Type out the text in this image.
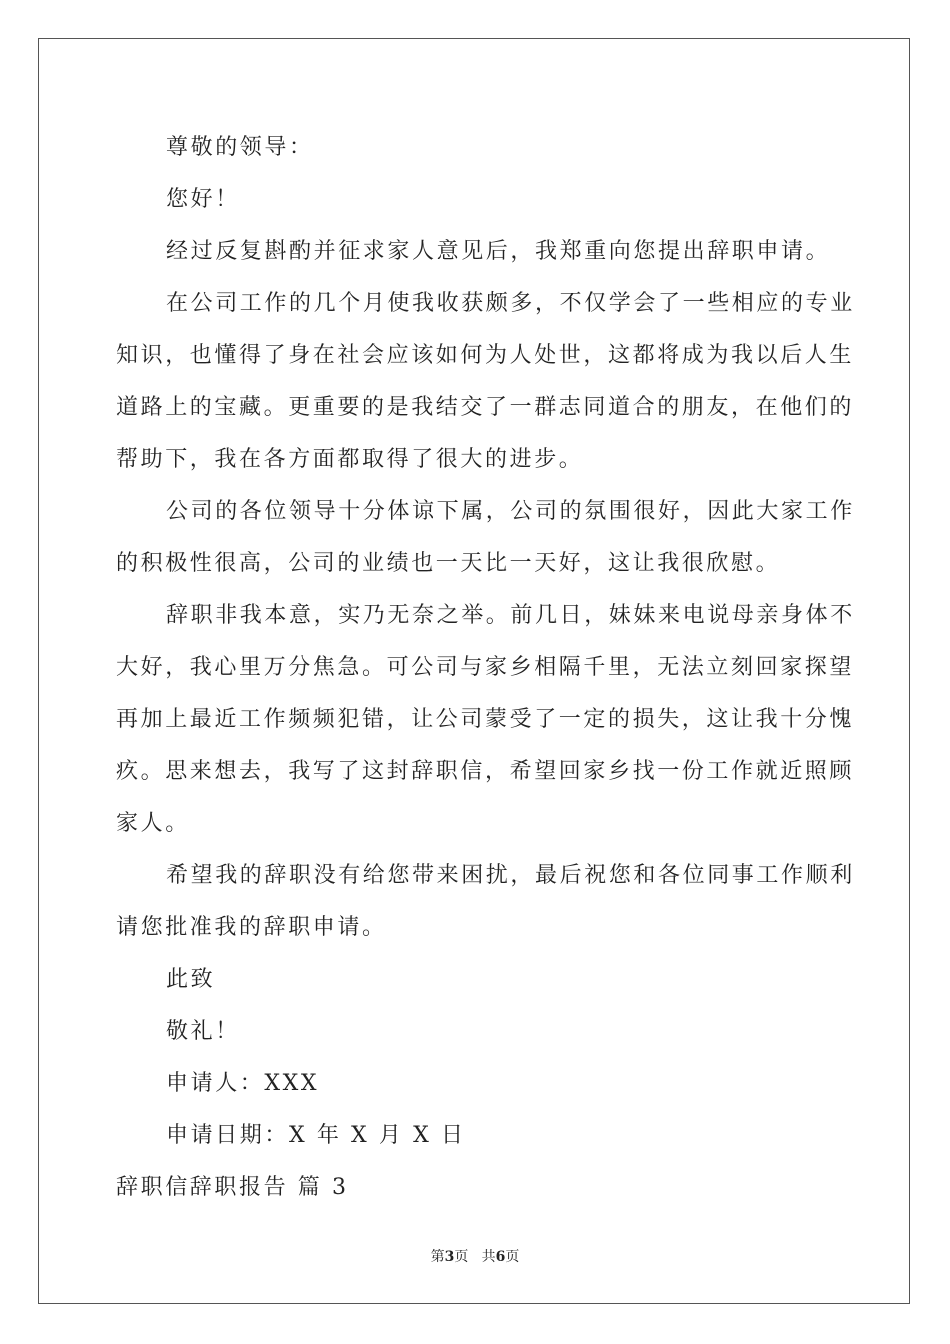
尊敬的领导：
您好！
经过反复斟酌并征求家人意见后，我郑重向您提出辞职申请。
在公司工作的几个月使我收获颇多，不仅学会了一些相应的专业
知识，也懂得了身在社会应该如何为人处世，这都将成为我以后人生
道路上的宝藏。更重要的是我结交了一群志同道合的朋友，在他们的
帮助下，我在各方面都取得了很大的进步。
公司的各位领导十分体谅下属，公司的氛围很好，因此大家工作
的积极性很高，公司的业绩也一天比一天好，这让我很欣慰。
辞职非我本意，实乃无奈之举。前几日，妹妹来电说母亲身体不
大好，我心里万分焦急。可公司与家乡相隔千里，无法立刻回家探望
再加上最近工作频频犯错，让公司蒙受了一定的损失，这让我十分愧
疚。思来想去，我写了这封辞职信，希望回家乡找一份工作就近照顾
家人。
希望我的辞职没有给您带来困扰，最后祝您和各位同事工作顺利
请您批准我的辞职申请。
此致
敬礼！
申请人：XXX
申请日期：X 年 X 月 X 日
辞职信辞职报告 篇 3
第3页 共6页
